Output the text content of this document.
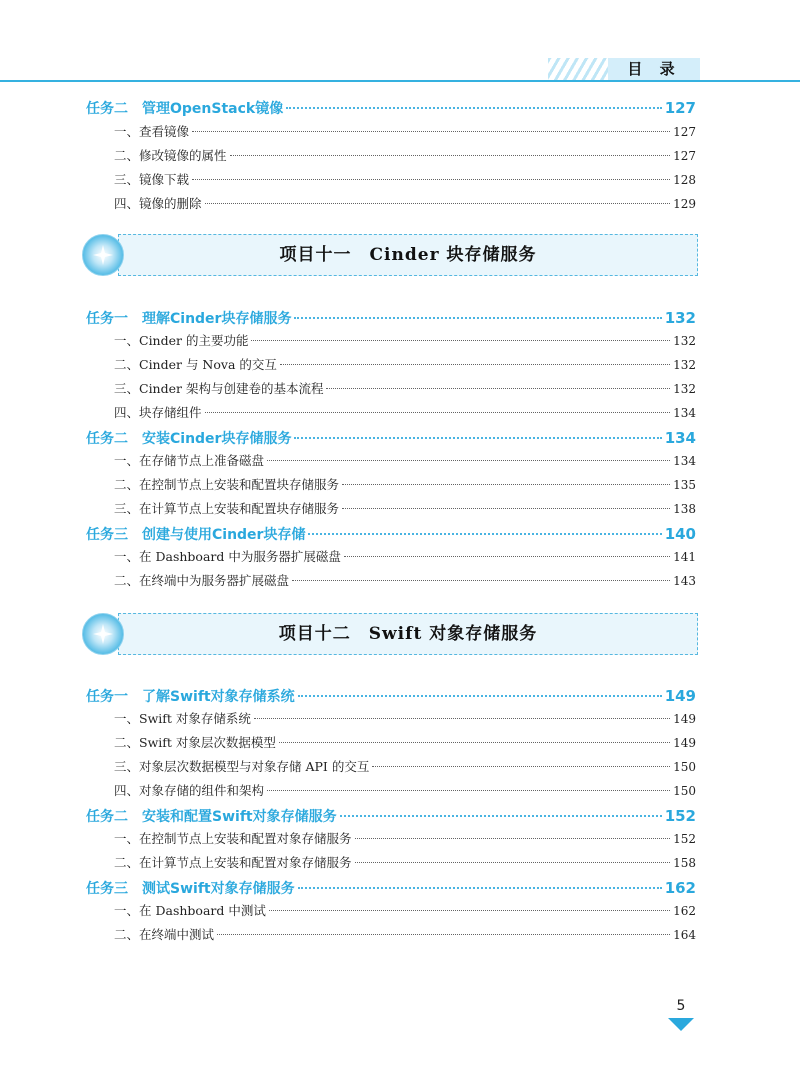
目 录
任务二 管理OpenStack镜像	127
一、查看镜像	127
二、修改镜像的属性	127
三、镜像下载	128
四、镜像的删除	129
项目十一　Cinder 块存储服务
任务一 理解Cinder块存储服务	132
一、Cinder 的主要功能	132
二、Cinder 与 Nova 的交互	132
三、Cinder 架构与创建卷的基本流程	132
四、块存储组件	134
任务二 安装Cinder块存储服务	134
一、在存储节点上准备磁盘	134
二、在控制节点上安装和配置块存储服务	135
三、在计算节点上安装和配置块存储服务	138
任务三 创建与使用Cinder块存储	140
一、在 Dashboard 中为服务器扩展磁盘	141
二、在终端中为服务器扩展磁盘	143
项目十二　Swift 对象存储服务
任务一 了解Swift对象存储系统	149
一、Swift 对象存储系统	149
二、Swift 对象层次数据模型	149
三、对象层次数据模型与对象存储 API 的交互	150
四、对象存储的组件和架构	150
任务二 安装和配置Swift对象存储服务	152
一、在控制节点上安装和配置对象存储服务	152
二、在计算节点上安装和配置对象存储服务	158
任务三 测试Swift对象存储服务	162
一、在 Dashboard 中测试	162
二、在终端中测试	164
5
